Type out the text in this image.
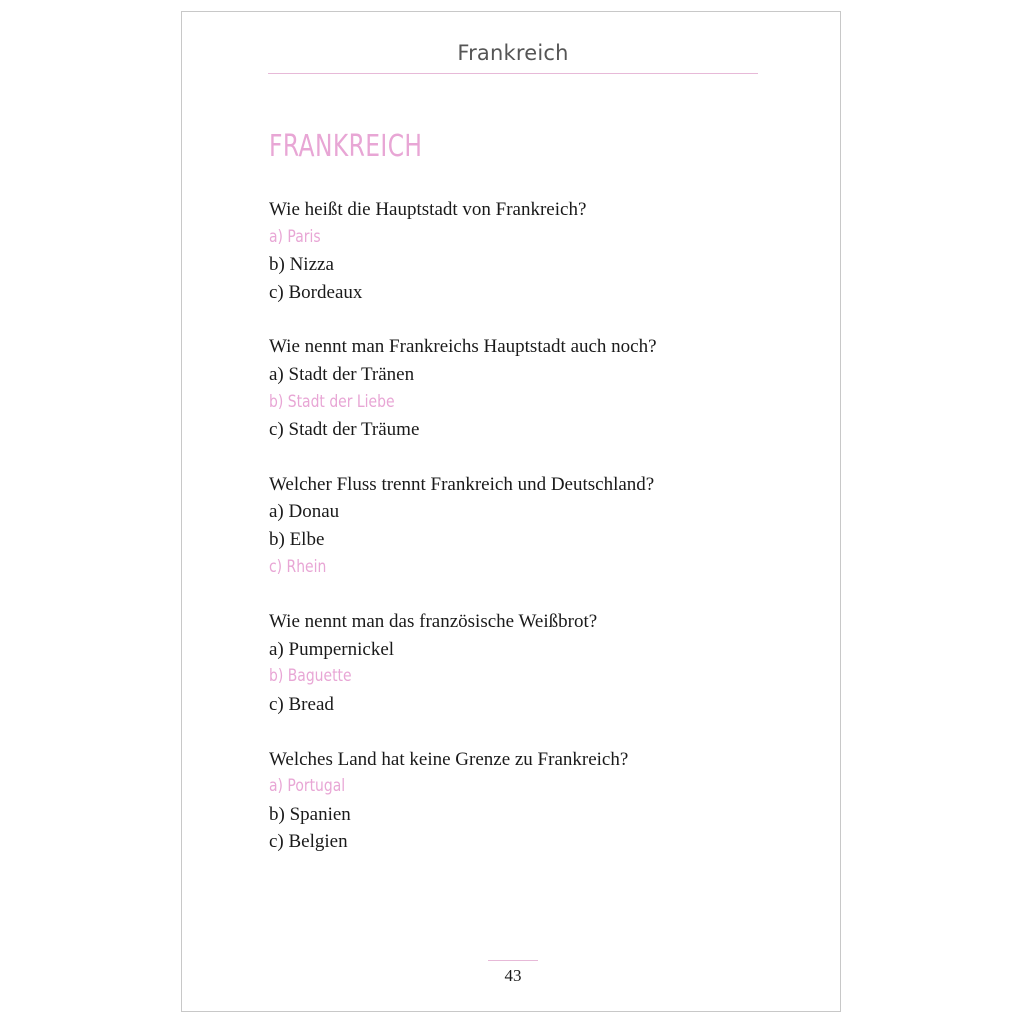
Frankreich
FRANKREICH
Wie heißt die Hauptstadt von Frankreich?
a) Paris
b) Nizza
c) Bordeaux
Wie nennt man Frankreichs Hauptstadt auch noch?
a) Stadt der Tränen
b) Stadt der Liebe
c) Stadt der Träume
Welcher Fluss trennt Frankreich und Deutschland?
a) Donau
b) Elbe
c) Rhein
Wie nennt man das französische Weißbrot?
a) Pumpernickel
b) Baguette
c) Bread
Welches Land hat keine Grenze zu Frankreich?
a) Portugal
b) Spanien
c) Belgien
43
